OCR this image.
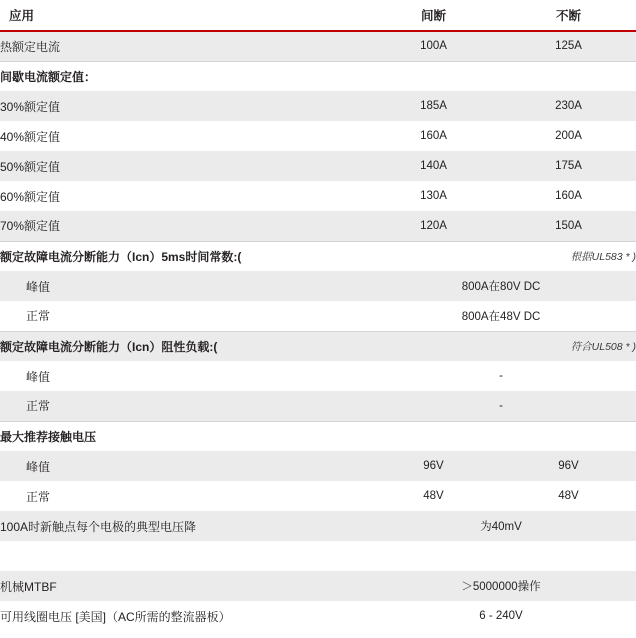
应用	间断	不断
热额定电流	100A	125A
间歇电流额定值：		
30%额定值	185A	230A
40%额定值	160A	200A
50%额定值	140A	175A
60%额定值	130A	160A
70%额定值	120A	150A
额定故障电流分断能力（Icn）5ms时间常数:(	根据UL583 * )	
峰值	800A在80V DC	
正常	800A在48V DC	
额定故障电流分断能力（Icn）阻性负载:(	符合UL508 * )	
峰值	-	
正常	-	
最大推荐接触电压		
峰值	96V	96V
正常	48V	48V
100A时新触点每个电极的典型电压降	为40mV	

机械MTBF	＞5000000操作	
可用线圈电压 [美国]（AC所需的整流器板）	6 - 240V	
